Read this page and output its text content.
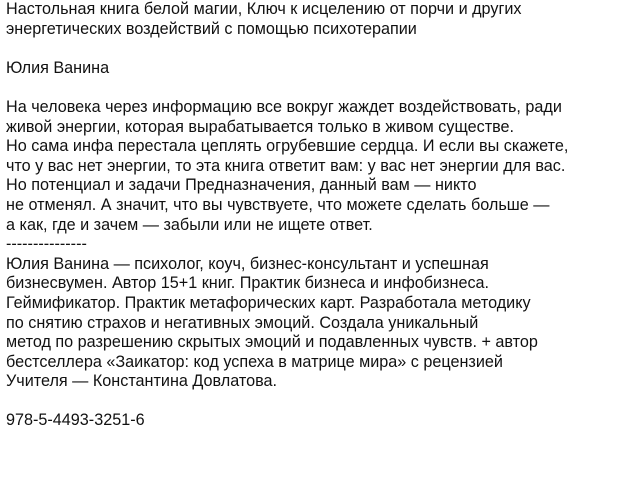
Настольная книга белой магии, Ключ к исцелению от порчи и других
энергетических воздействий с помощью психотерапии
Юлия Ванина
На человека через информацию все вокруг жаждет воздействовать, ради
живой энергии, которая вырабатывается только в живом существе.
Но сама инфа перестала цеплять огрубевшие сердца. И если вы скажете,
что у вас нет энергии, то эта книга ответит вам: у вас нет энергии для вас.
Но потенциал и задачи Предназначения, данный вам — никто
не отменял. А значит, что вы чувствуете, что можете сделать больше —
а как, где и зачем — забыли или не ищете ответ.
---------------
Юлия Ванина — психолог, коуч, бизнес-консультант и успешная
бизнесвумен. Автор 15+1 книг. Практик бизнеса и инфобизнеса.
Геймификатор. Практик метафорических карт. Разработала методику
по снятию страхов и негативных эмоций. Создала уникальный
метод по разрешению скрытых эмоций и подавленных чувств. + автор
бестселлера «Заикатор: код успеха в матрице мира» с рецензией
Учителя — Константина Довлатова.
978-5-4493-3251-6
